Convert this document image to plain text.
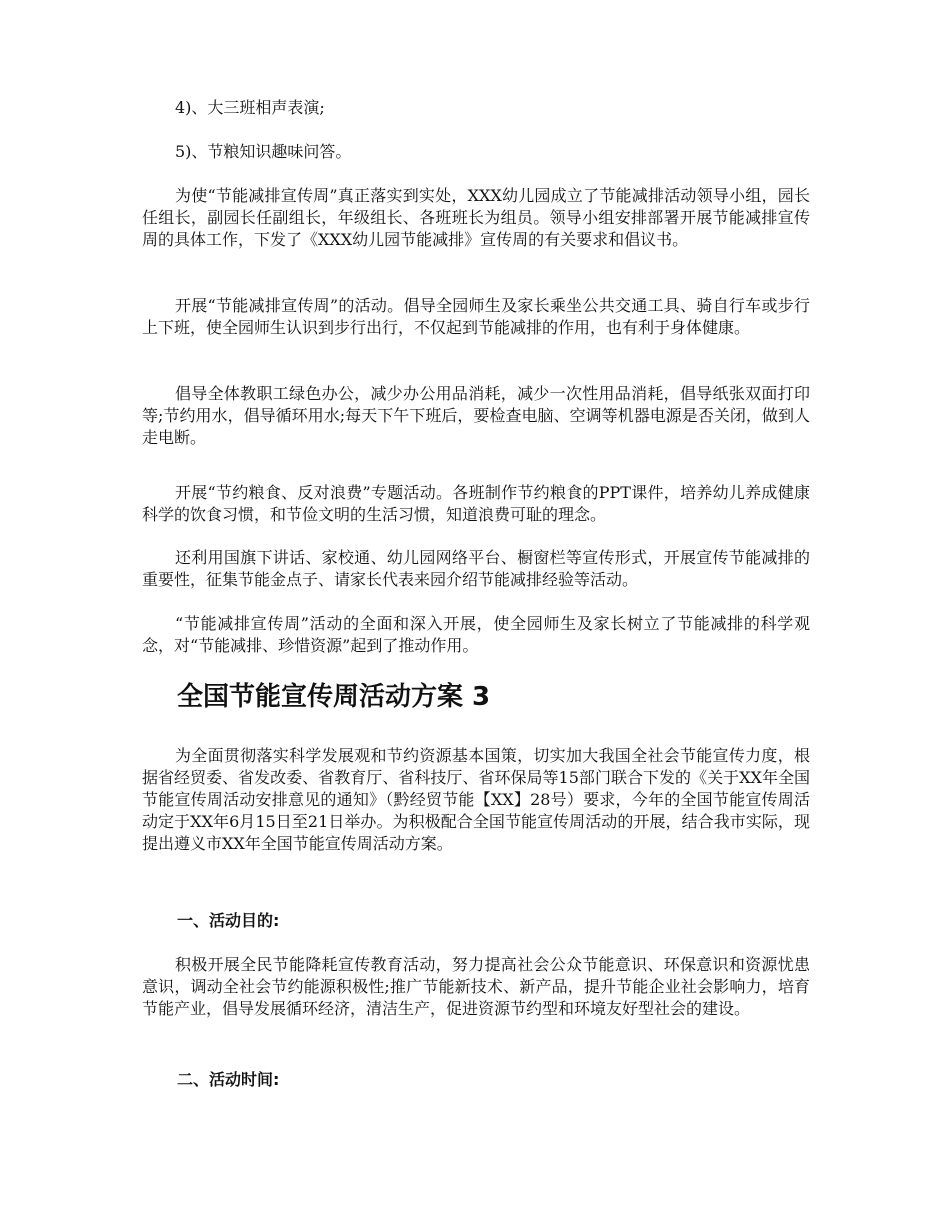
4)、大三班相声表演;

5)、节粮知识趣味问答。

为使“节能减排宣传周”真正落实到实处，XXX幼儿园成立了节能减排活动领导小组，园长任组长，副园长任副组长，年级组长、各班班长为组员。领导小组安排部署开展节能减排宣传周的具体工作，下发了《XXX幼儿园节能减排》宣传周的有关要求和倡议书。

开展“节能减排宣传周”的活动。倡导全园师生及家长乘坐公共交通工具、骑自行车或步行上下班，使全园师生认识到步行出行，不仅起到节能减排的作用，也有利于身体健康。

倡导全体教职工绿色办公，减少办公用品消耗，减少一次性用品消耗，倡导纸张双面打印等;节约用水，倡导循环用水;每天下午下班后，要检查电脑、空调等机器电源是否关闭，做到人走电断。

开展“节约粮食、反对浪费”专题活动。各班制作节约粮食的PPT课件，培养幼儿养成健康科学的饮食习惯，和节俭文明的生活习惯，知道浪费可耻的理念。

还利用国旗下讲话、家校通、幼儿园网络平台、橱窗栏等宣传形式，开展宣传节能减排的重要性，征集节能金点子、请家长代表来园介绍节能减排经验等活动。

“节能减排宣传周”活动的全面和深入开展，使全园师生及家长树立了节能减排的科学观念，对“节能减排、珍惜资源”起到了推动作用。

全国节能宣传周活动方案 3

为全面贯彻落实科学发展观和节约资源基本国策，切实加大我国全社会节能宣传力度，根据省经贸委、省发改委、省教育厅、省科技厅、省环保局等15部门联合下发的《关于XX年全国节能宣传周活动安排意见的通知》（黔经贸节能【XX】28号）要求，今年的全国节能宣传周活动定于XX年6月15日至21日举办。为积极配合全国节能宣传周活动的开展，结合我市实际，现提出遵义市XX年全国节能宣传周活动方案。

一、活动目的:

积极开展全民节能降耗宣传教育活动，努力提高社会公众节能意识、环保意识和资源忧患意识，调动全社会节约能源积极性;推广节能新技术、新产品，提升节能企业社会影响力，培育节能产业，倡导发展循环经济，清洁生产，促进资源节约型和环境友好型社会的建设。

二、活动时间:
